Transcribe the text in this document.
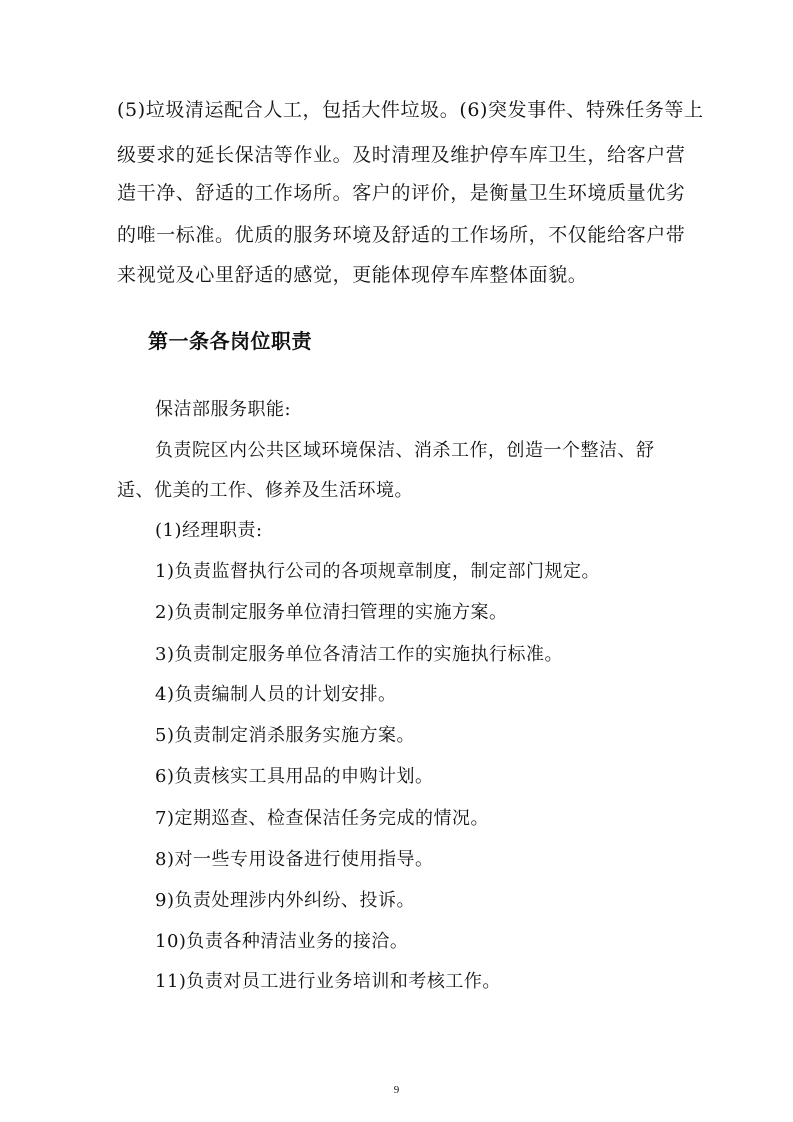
(5)垃圾清运配合人工，包括大件垃圾。(6)突发事件、特殊任务等上
级要求的延长保洁等作业。及时清理及维护停车库卫生，给客户营
造干净、舒适的工作场所。客户的评价，是衡量卫生环境质量优劣
的唯一标准。优质的服务环境及舒适的工作场所，不仅能给客户带
来视觉及心里舒适的感觉，更能体现停车库整体面貌。
第一条各岗位职责
保洁部服务职能:
负责院区内公共区域环境保洁、消杀工作，创造一个整洁、舒
适、优美的工作、修养及生活环境。
(1)经理职责:
1)负责监督执行公司的各项规章制度，制定部门规定。
2)负责制定服务单位清扫管理的实施方案。
3)负责制定服务单位各清洁工作的实施执行标准。
4)负责编制人员的计划安排。
5)负责制定消杀服务实施方案。
6)负责核实工具用品的申购计划。
7)定期巡查、检查保洁任务完成的情况。
8)对一些专用设备进行使用指导。
9)负责处理涉内外纠纷、投诉。
10)负责各种清洁业务的接洽。
11)负责对员工进行业务培训和考核工作。
9
